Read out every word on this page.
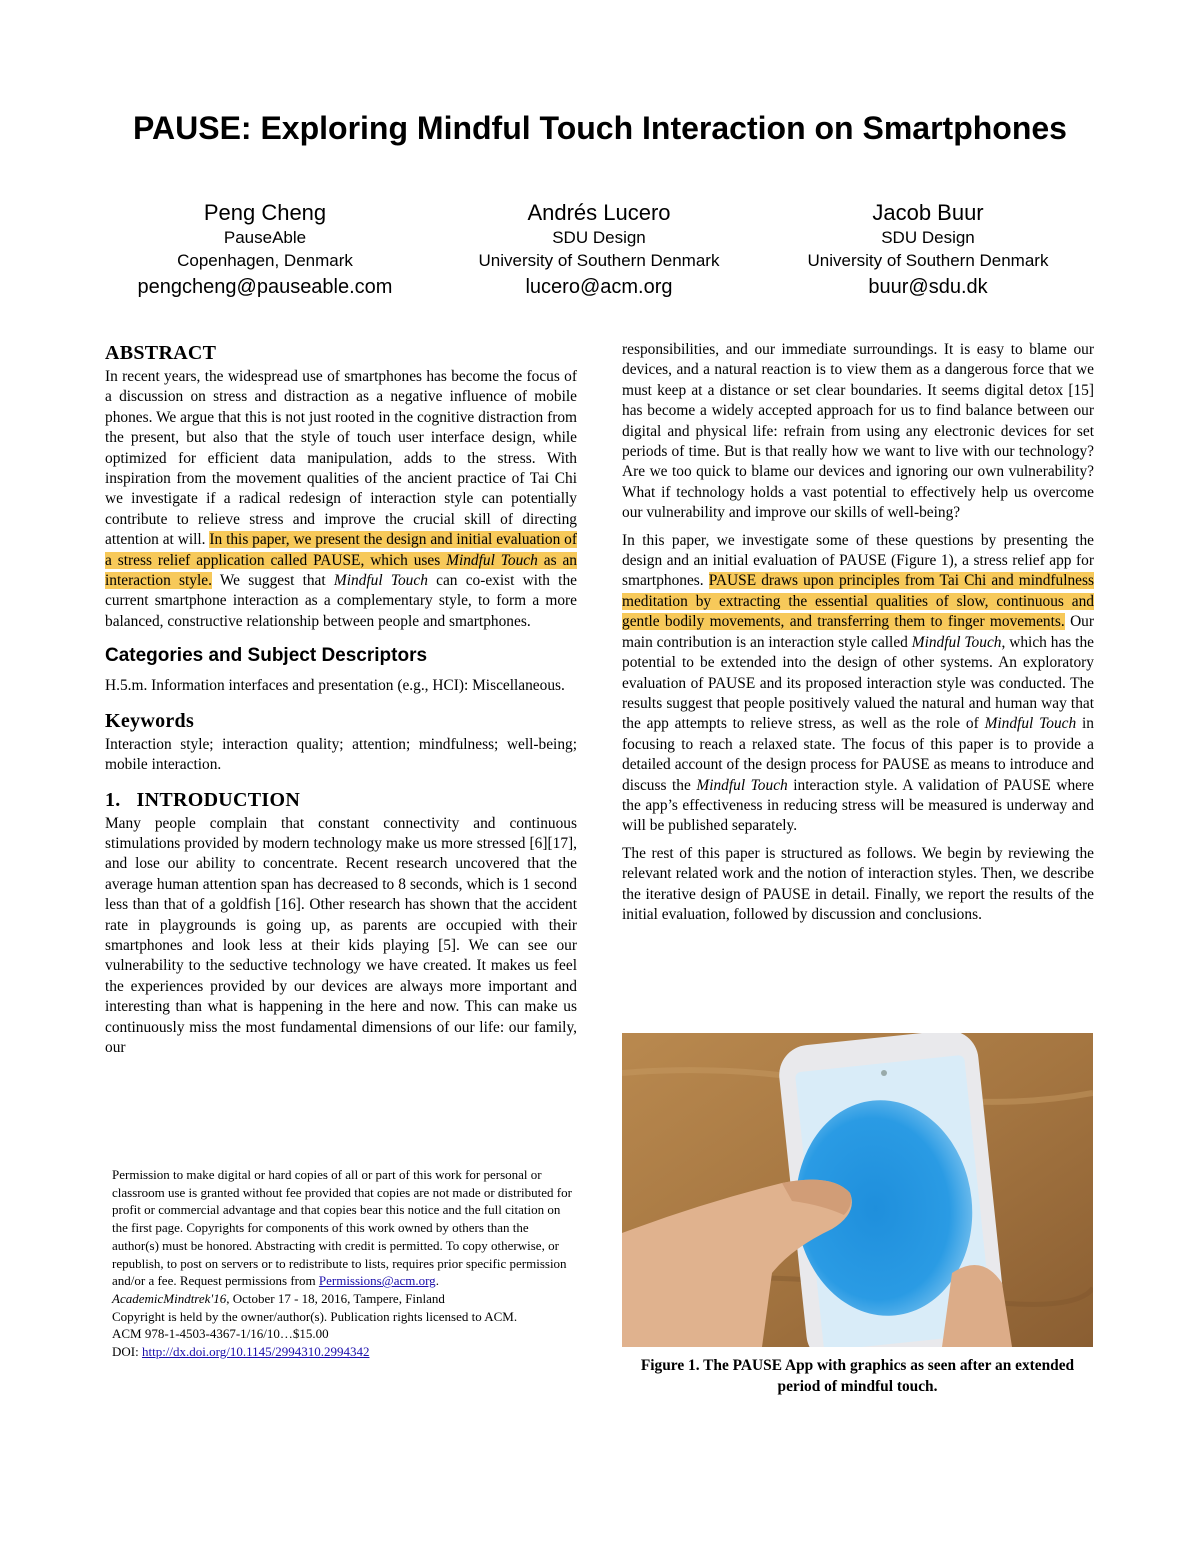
PAUSE: Exploring Mindful Touch Interaction on Smartphones
Peng Cheng
PauseAble
Copenhagen, Denmark
pengcheng@pauseable.com
Andrés Lucero
SDU Design
University of Southern Denmark
lucero@acm.org
Jacob Buur
SDU Design
University of Southern Denmark
buur@sdu.dk
ABSTRACT

In recent years, the widespread use of smartphones has become the focus of a discussion on stress and distraction as a negative influence of mobile phones. We argue that this is not just rooted in the cognitive distraction from the present, but also that the style of touch user interface design, while optimized for efficient data manipulation, adds to the stress. With inspiration from the movement qualities of the ancient practice of Tai Chi we investigate if a radical redesign of interaction style can potentially contribute to relieve stress and improve the crucial skill of directing attention at will. In this paper, we present the design and initial evaluation of a stress relief application called PAUSE, which uses Mindful Touch as an interaction style. We suggest that Mindful Touch can co-exist with the current smartphone interaction as a complementary style, to form a more balanced, constructive relationship between people and smartphones.

Categories and Subject Descriptors

H.5.m. Information interfaces and presentation (e.g., HCI): Miscellaneous.

Keywords

Interaction style; interaction quality; attention; mindfulness; well-being; mobile interaction.

1.   INTRODUCTION

Many people complain that constant connectivity and continuous stimulations provided by modern technology make us more stressed [6][17], and lose our ability to concentrate. Recent research uncovered that the average human attention span has decreased to 8 seconds, which is 1 second less than that of a goldfish [16]. Other research has shown that the accident rate in playgrounds is going up, as parents are occupied with their smartphones and look less at their kids playing [5]. We can see our vulnerability to the seductive technology we have created. It makes us feel the experiences provided by our devices are always more important and interesting than what is happening in the here and now. This can make us continuously miss the most fundamental dimensions of our life: our family, our

Permission to make digital or hard copies of all or part of this work for personal or classroom use is granted without fee provided that copies are not made or distributed for profit or commercial advantage and that copies bear this notice and the full citation on the first page. Copyrights for components of this work owned by others than the author(s) must be honored. Abstracting with credit is permitted. To copy otherwise, or republish, to post on servers or to redistribute to lists, requires prior specific permission and/or a fee. Request permissions from Permissions@acm.org.

AcademicMindtrek'16, October 17 - 18, 2016, Tampere, Finland

Copyright is held by the owner/author(s). Publication rights licensed to ACM.

ACM 978-1-4503-4367-1/16/10…$15.00

DOI: http://dx.doi.org/10.1145/2994310.2994342

responsibilities, and our immediate surroundings. It is easy to blame our devices, and a natural reaction is to view them as a dangerous force that we must keep at a distance or set clear boundaries. It seems digital detox [15] has become a widely accepted approach for us to find balance between our digital and physical life: refrain from using any electronic devices for set periods of time. But is that really how we want to live with our technology? Are we too quick to blame our devices and ignoring our own vulnerability? What if technology holds a vast potential to effectively help us overcome our vulnerability and improve our skills of well-being?

In this paper, we investigate some of these questions by presenting the design and an initial evaluation of PAUSE (Figure 1), a stress relief app for smartphones. PAUSE draws upon principles from Tai Chi and mindfulness meditation by extracting the essential qualities of slow, continuous and gentle bodily movements, and transferring them to finger movements. Our main contribution is an interaction style called Mindful Touch, which has the potential to be extended into the design of other systems. An exploratory evaluation of PAUSE and its proposed interaction style was conducted. The results suggest that people positively valued the natural and human way that the app attempts to relieve stress, as well as the role of Mindful Touch in focusing to reach a relaxed state. The focus of this paper is to provide a detailed account of the design process for PAUSE as means to introduce and discuss the Mindful Touch interaction style. A validation of PAUSE where the app’s effectiveness in reducing stress will be measured is underway and will be published separately.

The rest of this paper is structured as follows. We begin by reviewing the relevant related work and the notion of interaction styles. Then, we describe the iterative design of PAUSE in detail. Finally, we report the results of the initial evaluation, followed by discussion and conclusions.

Figure 1. The PAUSE App with graphics as seen after an extended period of mindful touch.
